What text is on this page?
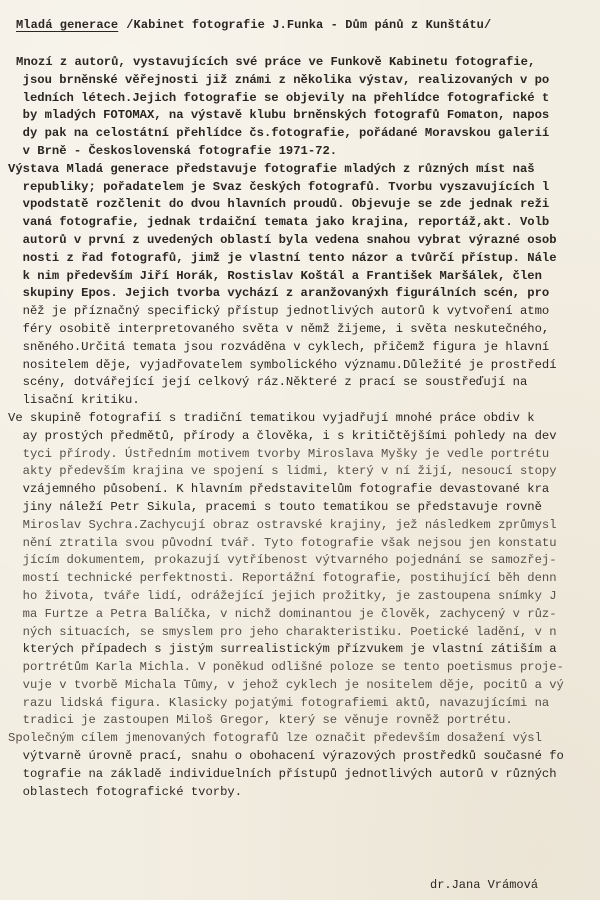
Mladá generace /Kabinet fotografie J.Funka - Dům pánů z Kunštátu/
Mnozí z autorů, vystavujících své práce ve Funkově Kabinetu fotografie,
jsou brněnské věřejnosti již známi z několika výstav, realizovaných v po
ledních létech.Jejich fotografie se objevily na přehlídce fotografické t
by mladých FOTOMAX, na výstavě klubu brněnských fotografů Fomaton, napos
dy pak na celostátní přehlídce čs.fotografie, pořádané Moravskou galerií
v Brně - Československá fotografie 1971-72.
Výstava Mladá generace představuje fotografie mladých z různých míst naš
republiky; pořadatelem je Svaz českých fotografů. Tvorbu vyszavujících l
vpodstatě rozčlenit do dvou hlavních proudů. Objevuje se zde jednak reži
vaná fotografie, jednak trdaiční temata jako krajina, reportáž,akt. Volb
autorů v první z uvedených oblastí byla vedena snahou vybrat výrazné osob
nosti z řad fotografů, jimž je vlastní tento názor a tvůrčí přístup. Nále
k nim především Jiří Horák, Rostislav Koštál a František Maršálek, člen
skupiny Epos. Jejich tvorba vychází z aranžovanýxh figurálních scén, pro
něž je příznačný specifický přístup jednotlivých autorů k vytvoření atmo
féry osobitě interpretovaného světa v němž žijeme, i světa neskutečného,
sněného.Určitá temata jsou rozváděna v cyklech, přičemž figura je hlavní
nositelem děje, vyjadřovatelem symbolického významu.Důležité je prostředí
scény, dotvářející její celkový ráz.Některé z prací se soustřeďují na
lisační kritiku.
Ve skupině fotografií s tradiční tematikou vyjadřují mnohé práce obdiv k
ay prostých předmětů, přírody a člověka, i s kritičtějšími pohledy na dev
tyci přírody. Ústředním motivem tvorby Miroslava Myšky je vedle portrétu
akty především krajina ve spojení s lidmi, který v ní žijí, nesoucí stopy
vzájemného působení. K hlavním představitelům fotografie devastované kra
jiny náleží Petr Sikula, pracemi s touto tematikou se představuje rovně
Miroslav Sychra.Zachycují obraz ostravské krajiny, jež následkem zprůmysl
nění ztratila svou původní tvář. Tyto fotografie však nejsou jen konstatu
jícím dokumentem, prokazují vytříbenost výtvarného pojednání se samozřej-
mostí technické perfektnosti. Reportážní fotografie, postihující běh denn
ho života, tváře lidí, odrážející jejich prožitky, je zastoupena snímky J
ma Furtze a Petra Balíčka, v nichž dominantou je člověk, zachycený v růz-
ných situacích, se smyslem pro jeho charakteristiku. Poetické ladění, v n
kterých případech s jistým surrealistickým přízvukem je vlastní zátiším a
portrétům Karla Michla. V poněkud odlišné poloze se tento poetismus proje-
vuje v tvorbě Michala Tůmy, v jehož cyklech je nositelem děje, pocitů a vý
razu lidská figura. Klasicky pojatými fotografiemi aktů, navazujícími na
tradici je zastoupen Miloš Gregor, který se věnuje rovněž portrétu.
Společným cílem jmenovaných fotografů lze označit především dosažení výsl
výtvarně úrovně prací, snahu o obohacení výrazových prostředků současné fo
tografie na základě individuelních přístupů jednotlivých autorů v různých
oblastech fotografické tvorby.
dr.Jana Vrámová
